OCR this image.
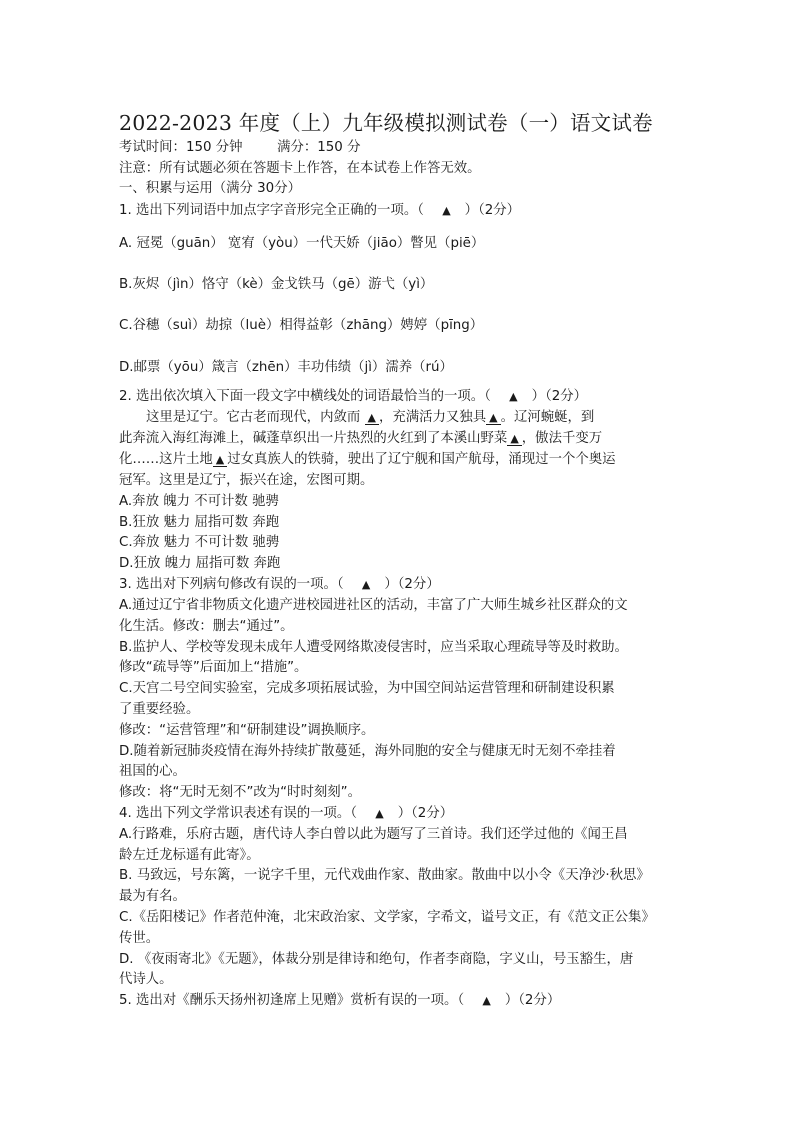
2022-2023 年度（上）九年级模拟测试卷（一）语文试卷
考试时间：150 分钟	满分：150 分
注意：所有试题必须在答题卡上作答，在本试卷上作答无效。
一、积累与运用（满分 30分）
1. 选出下列词语中加点字字音形完全正确的一项。（ ▲ ）（2分）
A. 冠冕（guān） 宽宥（yòu）一代天娇（jiāo）瞥见（piē）
B.灰烬（jìn）恪守（kè）金戈铁马（gē）游弋（yì）
C.谷穗（suì）劫掠（luè）相得益彰（zhāng）娉婷（pīng）
D.邮票（yōu）箴言（zhēn）丰功伟绩（jì）濡养（rú）
2. 选出依次填入下面一段文字中横线处的词语最恰当的一项。（ ▲ ）（2分）
这里是辽宁。它古老而现代，内敛而 ▲ ，充满活力又独具 ▲ 。辽河蜿蜒，到
此奔流入海红海滩上，碱蓬草织出一片热烈的火红到了本溪山野菜 ▲ ，傲法千变万
化……这片土地 ▲ 过女真族人的铁骑，驶出了辽宁舰和国产航母，涌现过一个个奥运
冠军。这里是辽宁，振兴在途，宏图可期。
A.奔放 魄力 不可计数 驰骋
B.狂放 魅力 屈指可数 奔跑
C.奔放 魅力 不可计数 驰骋
D.狂放 魄力 屈指可数 奔跑
3. 选出对下列病句修改有误的一项。（ ▲ ）（2分）
A.通过辽宁省非物质文化遗产进校园进社区的活动，丰富了广大师生城乡社区群众的文
化生活。修改：删去“通过”。
B.监护人、学校等发现未成年人遭受网络欺凌侵害时，应当采取心理疏导等及时救助。
修改“疏导等”后面加上“措施”。
C.天宫二号空间实验室，完成多项拓展试验，为中国空间站运营管理和研制建设积累
了重要经验。
修改：“运营管理”和“研制建设”调换顺序。
D.随着新冠肺炎疫情在海外持续扩散蔓延，海外同胞的安全与健康无时无刻不牵挂着
祖国的心。
修改：将“无时无刻不”改为“时时刻刻”。
4. 选出下列文学常识表述有误的一项。（ ▲ ）（2分）
A.行路难，乐府古题，唐代诗人李白曾以此为题写了三首诗。我们还学过他的《闻王昌
龄左迁龙标遥有此寄》。
B. 马致远，号东篱，一说字千里，元代戏曲作家、散曲家。散曲中以小令《天净沙·秋思》
最为有名。
C.《岳阳楼记》作者范仲淹，北宋政治家、文学家，字希文，谥号文正，有《范文正公集》
传世。
D. 《夜雨寄北》《无题》，体裁分别是律诗和绝句，作者李商隐，字义山，号玉豁生，唐
代诗人。
5. 选出对《酬乐天扬州初逢席上见赠》赏析有误的一项。（ ▲ ）（2分）
